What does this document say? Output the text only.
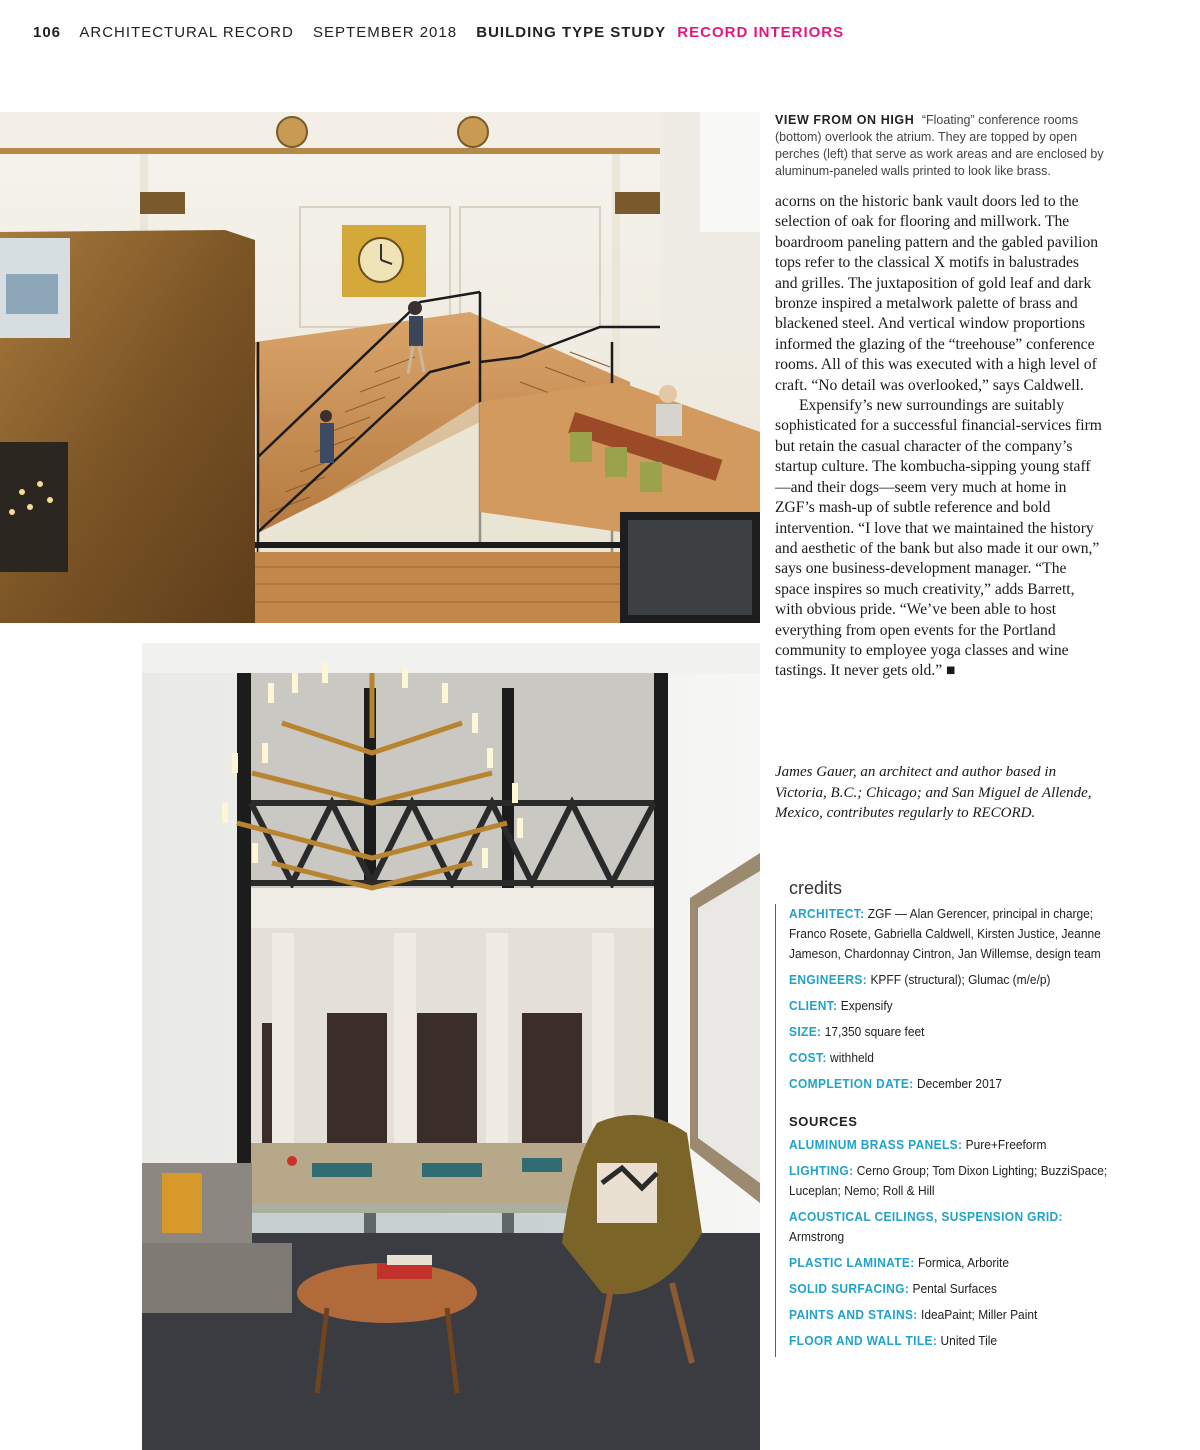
106 ARCHITECTURAL RECORD SEPTEMBER 2018 BUILDING TYPE STUDY RECORD INTERIORS
VIEW FROM ON HIGH “Floating” conference rooms (bottom) overlook the atrium. They are topped by open perches (left) that serve as work areas and are enclosed by aluminum-paneled walls printed to look like brass.

acorns on the historic bank vault doors led to the selection of oak for flooring and millwork. The boardroom paneling pattern and the gabled pavilion tops refer to the classical X motifs in balustrades and grilles. The juxtaposition of gold leaf and dark bronze inspired a metalwork palette of brass and blackened steel. And vertical window proportions informed the glazing of the “treehouse” conference rooms. All of this was executed with a high level of craft. “No detail was overlooked,” says Caldwell.

Expensify’s new surroundings are suitably sophisticated for a successful financial-services firm but retain the casual character of the company’s startup culture. The kombucha-sipping young staff—and their dogs—seem very much at home in ZGF’s mash-up of subtle reference and bold intervention. “I love that we maintained the history and aesthetic of the bank but also made it our own,” says one business-development manager. “The space inspires so much creativity,” adds Barrett, with obvious pride. “We’ve been able to host everything from open events for the Portland community to employee yoga classes and wine tastings. It never gets old.” ■

James Gauer, an architect and author based in Victoria, B.C.; Chicago; and San Miguel de Allende, Mexico, contributes regularly to RECORD.
credits
ARCHITECT: ZGF — Alan Gerencer, principal in charge; Franco Rosete, Gabriella Caldwell, Kirsten Justice, Jeanne Jameson, Chardonnay Cintron, Jan Willemse, design team
ENGINEERS: KPFF (structural); Glumac (m/e/p)
CLIENT: Expensify
SIZE: 17,350 square feet
COST: withheld
COMPLETION DATE: December 2017
SOURCES
ALUMINUM BRASS PANELS: Pure+Freeform
LIGHTING: Cerno Group; Tom Dixon Lighting; BuzziSpace; Luceplan; Nemo; Roll & Hill
ACOUSTICAL CEILINGS, SUSPENSION GRID: Armstrong
PLASTIC LAMINATE: Formica, Arborite
SOLID SURFACING: Pental Surfaces
PAINTS AND STAINS: IdeaPaint; Miller Paint
FLOOR AND WALL TILE: United Tile
